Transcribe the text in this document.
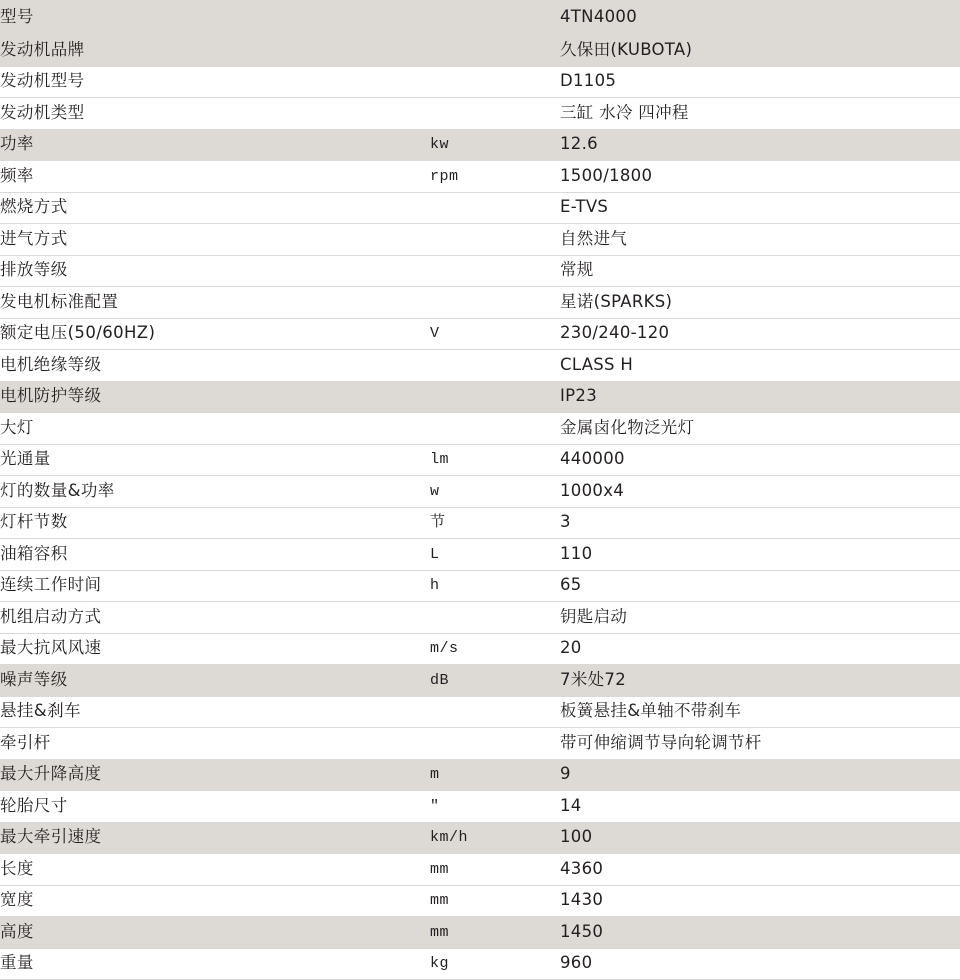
型号		4TN4000
发动机品牌		久保田(KUBOTA)
发动机型号		D1105
发动机类型		三缸 水冷 四冲程
功率	kw	12.6
频率	rpm	1500/1800
燃烧方式		E-TVS
进气方式		自然进气
排放等级		常规
发电机标准配置		星诺(SPARKS)
额定电压(50/60HZ)	V	230/240-120
电机绝缘等级		CLASS H
电机防护等级		IP23
大灯		金属卤化物泛光灯
光通量	lm	440000
灯的数量&功率	w	1000x4
灯杆节数	节	3
油箱容积	L	110
连续工作时间	h	65
机组启动方式		钥匙启动
最大抗风风速	m/s	20
噪声等级	dB	7米处72
悬挂&刹车		板簧悬挂&单轴不带刹车
牵引杆		带可伸缩调节导向轮调节杆
最大升降高度	m	9
轮胎尺寸	"	14
最大牵引速度	km/h	100
长度	mm	4360
宽度	mm	1430
高度	mm	1450
重量	kg	960
